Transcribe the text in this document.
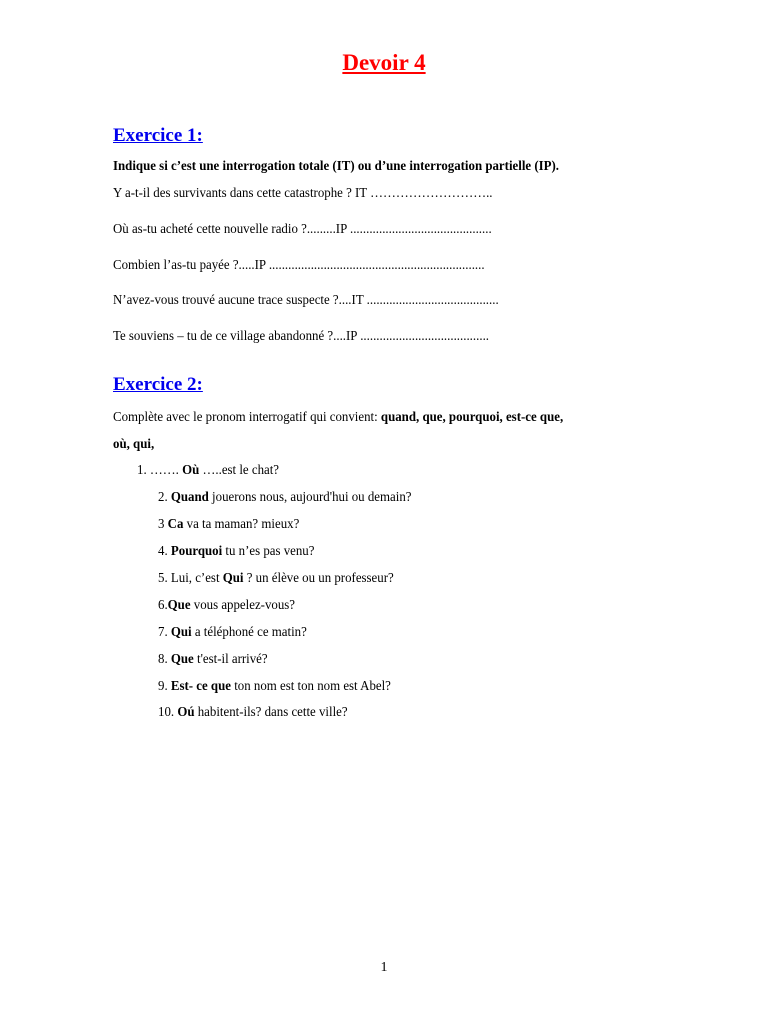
Devoir 4
Exercice 1:
Indique si c’est une interrogation totale (IT) ou d’une interrogation partielle (IP).
Y a-t-il des survivants dans cette catastrophe ? IT ………………………..
Où as-tu acheté cette nouvelle radio ?.........IP ............................................
Combien l’as-tu payée ?.....IP ...................................................................
N’avez-vous trouvé aucune trace suspecte ?....IT .........................................
Te souviens – tu de ce village abandonné ?....IP ........................................
Exercice 2:
Complète avec le pronom interrogatif qui convient: quand, que, pourquoi, est-ce que,
où, qui,
1. ……. Où …..est le chat?
2. Quand jouerons nous, aujourd'hui ou demain?
3 Ca va ta maman? mieux?
4. Pourquoi tu n’es pas venu?
5. Lui, c’est Qui ? un élève ou un professeur?
6.Que vous appelez-vous?
7. Qui a téléphoné ce matin?
8. Que t'est-il arrivé?
9. Est- ce que ton nom est ton nom est Abel?
10. Oú habitent-ils? dans cette ville?
1
